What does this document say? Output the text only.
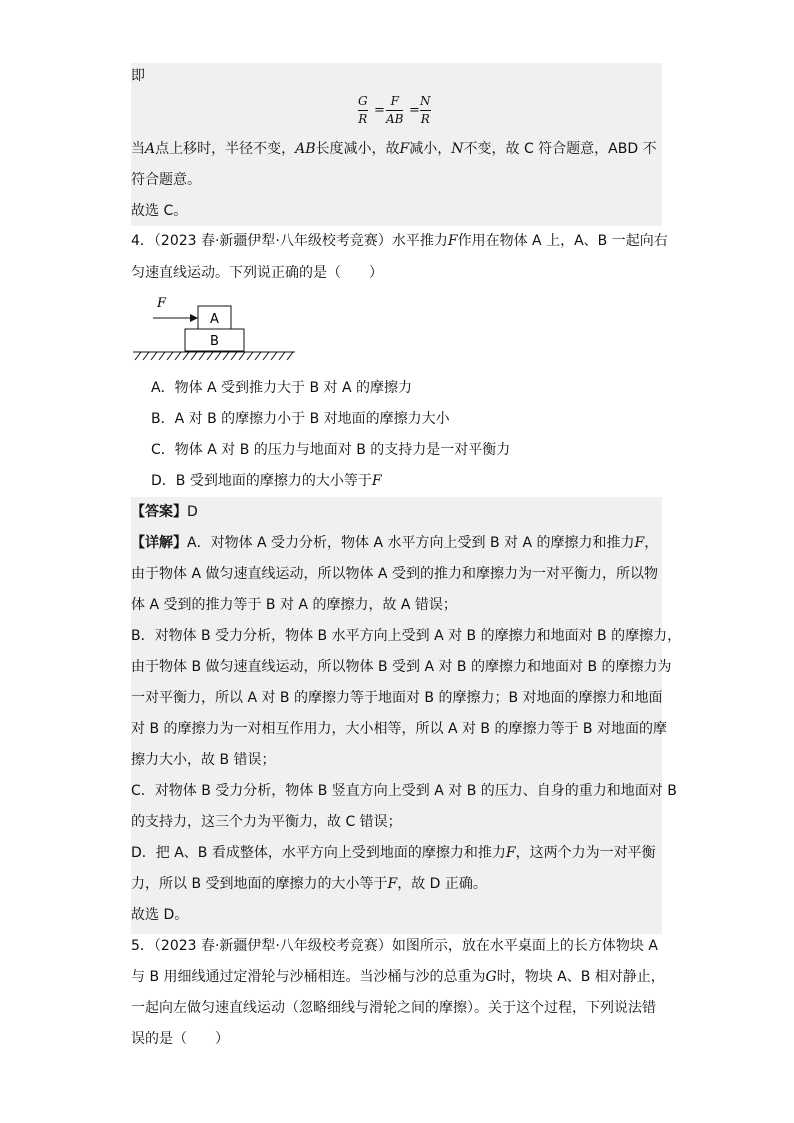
即
G
R
=
F
AB
=
N
R
当A点上移时，半径不变，AB长度减小，故F减小，N不变，故 C 符合题意，ABD 不
符合题意。
故选 C。
4．（2023 春·新疆伊犁·八年级校考竞赛）水平推力F作用在物体 A 上，A、B 一起向右
匀速直线运动。下列说正确的是（　　）
F
A
B
A．物体 A 受到推力大于 B 对 A 的摩擦力
B．A 对 B 的摩擦力小于 B 对地面的摩擦力大小
C．物体 A 对 B 的压力与地面对 B 的支持力是一对平衡力
D．B 受到地面的摩擦力的大小等于F
【答案】D
【详解】A．对物体 A 受力分析，物体 A 水平方向上受到 B 对 A 的摩擦力和推力F，
由于物体 A 做匀速直线运动，所以物体 A 受到的推力和摩擦力为一对平衡力，所以物
体 A 受到的推力等于 B 对 A 的摩擦力，故 A 错误；
B．对物体 B 受力分析，物体 B 水平方向上受到 A 对 B 的摩擦力和地面对 B 的摩擦力，
由于物体 B 做匀速直线运动，所以物体 B 受到 A 对 B 的摩擦力和地面对 B 的摩擦力为
一对平衡力，所以 A 对 B 的摩擦力等于地面对 B 的摩擦力；B 对地面的摩擦力和地面
对 B 的摩擦力为一对相互作用力，大小相等，所以 A 对 B 的摩擦力等于 B 对地面的摩
擦力大小，故 B 错误；
C．对物体 B 受力分析，物体 B 竖直方向上受到 A 对 B 的压力、自身的重力和地面对 B
的支持力，这三个力为平衡力，故 C 错误；
D．把 A、B 看成整体，水平方向上受到地面的摩擦力和推力F，这两个力为一对平衡
力，所以 B 受到地面的摩擦力的大小等于F，故 D 正确。
故选 D。
5．（2023 春·新疆伊犁·八年级校考竞赛）如图所示，放在水平桌面上的长方体物块 A
与 B 用细线通过定滑轮与沙桶相连。当沙桶与沙的总重为G时，物块 A、B 相对静止，
一起向左做匀速直线运动（忽略细线与滑轮之间的摩擦）。关于这个过程，下列说法错
误的是（　　）
